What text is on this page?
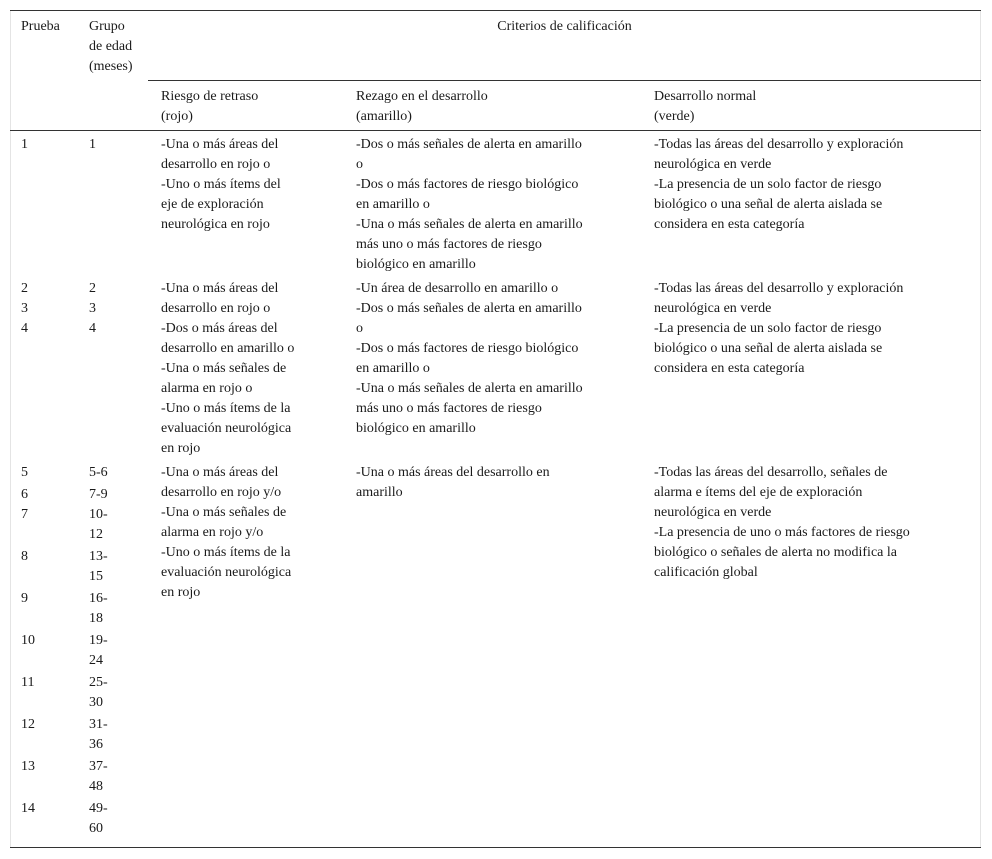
Prueba Grupo
de edad
(meses)
Criterios de calificación
Riesgo de retraso
(rojo)
Rezago en el desarrollo
(amarillo)
Desarrollo normal
(verde)
1	1	-Una o más áreas del
desarrollo en rojo o
-Uno o más ítems del
eje de exploración
neurológica en rojo
-Dos o más señales de alerta en amarillo
o
-Dos o más factores de riesgo biológico
en amarillo o
-Una o más señales de alerta en amarillo
más uno o más factores de riesgo
biológico en amarillo
-Todas las áreas del desarrollo y exploración
neurológica en verde
-La presencia de un solo factor de riesgo
biológico o una señal de alerta aislada se
considera en esta categoría
2
3
4
2
3
4
-Una o más áreas del
desarrollo en rojo o
-Dos o más áreas del
desarrollo en amarillo o
-Una o más señales de
alarma en rojo o
-Uno o más ítems de la
evaluación neurológica
en rojo
-Un área de desarrollo en amarillo o
-Dos o más señales de alerta en amarillo
o
-Dos o más factores de riesgo biológico
en amarillo o
-Una o más señales de alerta en amarillo
más uno o más factores de riesgo
biológico en amarillo
-Todas las áreas del desarrollo y exploración
neurológica en verde
-La presencia de un solo factor de riesgo
biológico o una señal de alerta aislada se
considera en esta categoría
5
6
7
8
9
10
11
12
13
14
5-6
7-9
10-
12
13-
15
16-
18
19-
24
25-
30
31-
36
37-
48
49-
60
-Una o más áreas del
desarrollo en rojo y/o
-Una o más señales de
alarma en rojo y/o
-Uno o más ítems de la
evaluación neurológica
en rojo
-Una o más áreas del desarrollo en
amarillo
-Todas las áreas del desarrollo, señales de
alarma e ítems del eje de exploración
neurológica en verde
-La presencia de uno o más factores de riesgo
biológico o señales de alerta no modifica la
calificación global
